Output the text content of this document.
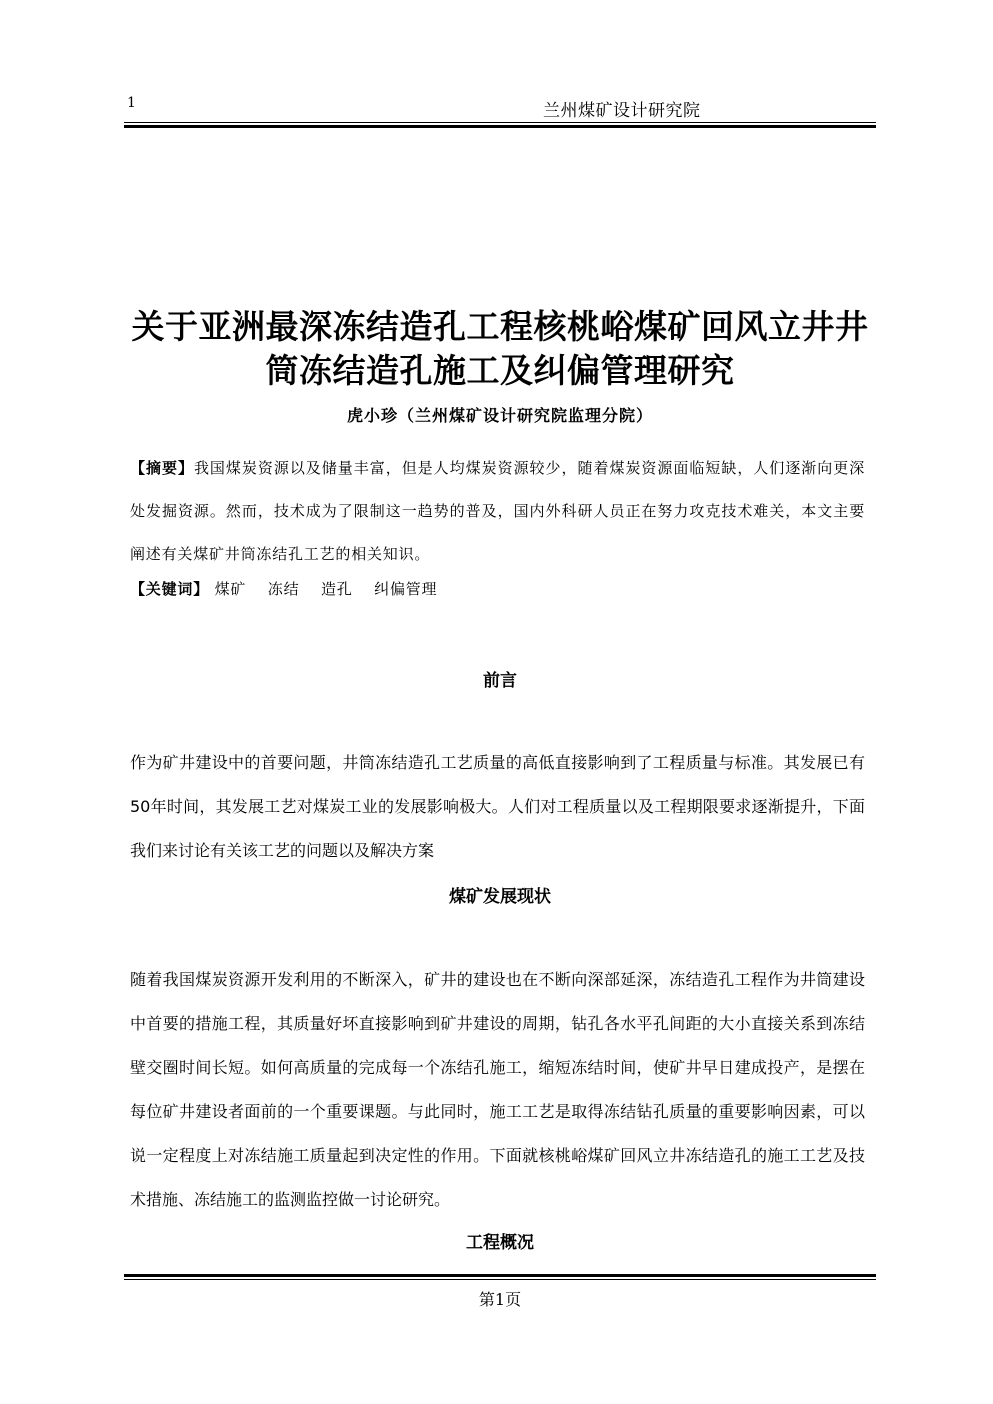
1	兰州煤矿设计研究院
关于亚洲最深冻结造孔工程核桃峪煤矿回风立井井筒冻结造孔施工及纠偏管理研究
虎小珍（兰州煤矿设计研究院监理分院）
【摘要】我国煤炭资源以及储量丰富，但是人均煤炭资源较少，随着煤炭资源面临短缺，人们逐渐向更深处发掘资源。然而，技术成为了限制这一趋势的普及，国内外科研人员正在努力攻克技术难关，本文主要阐述有关煤矿井筒冻结孔工艺的相关知识。
【关键词】 煤矿 冻结 造孔 纠偏管理
前言
作为矿井建设中的首要问题，井筒冻结造孔工艺质量的高低直接影响到了工程质量与标准。其发展已有50年时间，其发展工艺对煤炭工业的发展影响极大。人们对工程质量以及工程期限要求逐渐提升，下面我们来讨论有关该工艺的问题以及解决方案
煤矿发展现状
随着我国煤炭资源开发利用的不断深入，矿井的建设也在不断向深部延深，冻结造孔工程作为井筒建设中首要的措施工程，其质量好坏直接影响到矿井建设的周期，钻孔各水平孔间距的大小直接关系到冻结壁交圈时间长短。如何高质量的完成每一个冻结孔施工，缩短冻结时间，使矿井早日建成投产，是摆在每位矿井建设者面前的一个重要课题。与此同时，施工工艺是取得冻结钻孔质量的重要影响因素，可以说一定程度上对冻结施工质量起到决定性的作用。下面就核桃峪煤矿回风立井冻结造孔的施工工艺及技术措施、冻结施工的监测监控做一讨论研究。
工程概况
第1页
